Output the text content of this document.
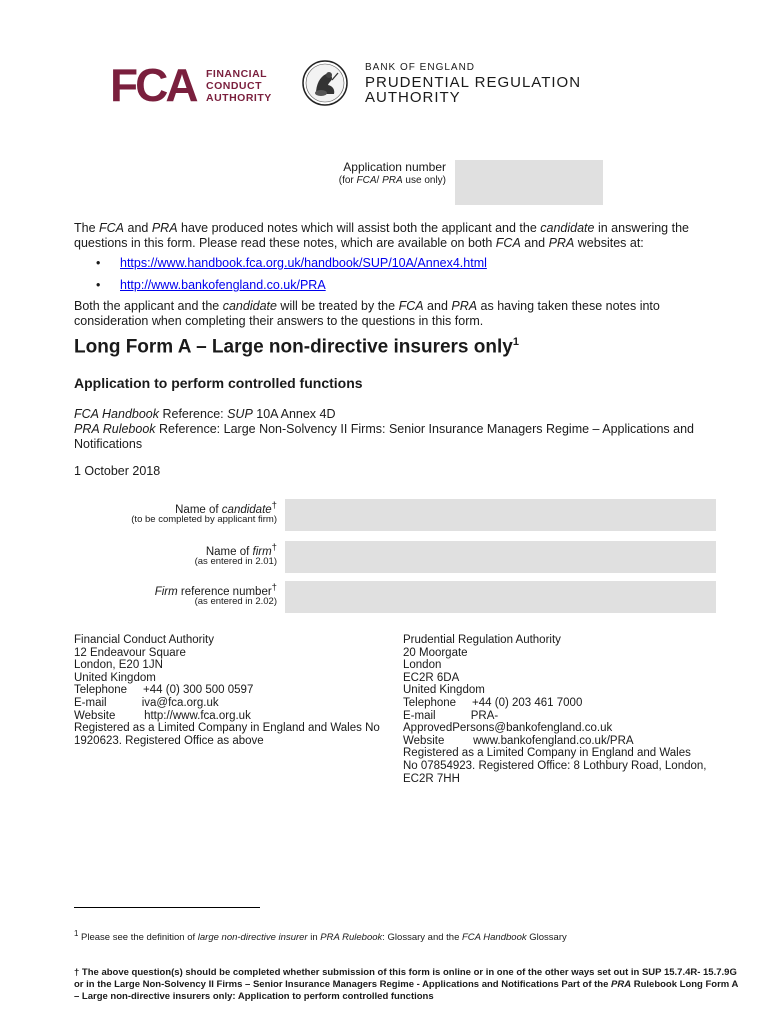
FCA FINANCIAL
CONDUCT
AUTHORITY
BANK OF ENGLAND
PRUDENTIAL REGULATION
AUTHORITY
Application number
(for FCA/ PRA use only)
The FCA and PRA have produced notes which will assist both the applicant and the candidate in answering the questions in this form. Please read these notes, which are available on both FCA and PRA websites at:
• https://www.handbook.fca.org.uk/handbook/SUP/10A/Annex4.html
• http://www.bankofengland.co.uk/PRA
Both the applicant and the candidate will be treated by the FCA and PRA as having taken these notes into consideration when completing their answers to the questions in this form.
Long Form A – Large non-directive insurers only$^1$
Application to perform controlled functions
FCA Handbook Reference: SUP 10A Annex 4D
PRA Rulebook Reference: Large Non-Solvency II Firms: Senior Insurance Managers Regime – Applications and Notifications
1 October 2018
Name of candidate†
(to be completed by applicant firm)
Name of firm†
(as entered in 2.01)
Firm reference number†
(as entered in 2.02)
Financial Conduct Authority
12 Endeavour Square
London, E20 1JN
United Kingdom
Telephone     +44 (0) 300 500 0597
E-mail           iva@fca.org.uk
Website         http://www.fca.org.uk
Registered as a Limited Company in England and Wales No
1920623. Registered Office as above
Prudential Regulation Authority
20 Moorgate
London
EC2R 6DA
United Kingdom
Telephone     +44 (0) 203 461 7000
E-mail           PRA-
ApprovedPersons@bankofengland.co.uk
Website         www.bankofengland.co.uk/PRA
Registered as a Limited Company in England and Wales
No 07854923. Registered Office: 8 Lothbury Road, London,
EC2R 7HH
$^1$ Please see the definition of large non-directive insurer in PRA Rulebook: Glossary and the FCA Handbook Glossary
† The above question(s) should be completed whether submission of this form is online or in one of the other ways set out in SUP 15.7.4R- 15.7.9G or in the Large Non-Solvency II Firms – Senior Insurance Managers Regime - Applications and Notifications Part of the PRA Rulebook Long Form A – Large non-directive insurers only: Application to perform controlled functions
